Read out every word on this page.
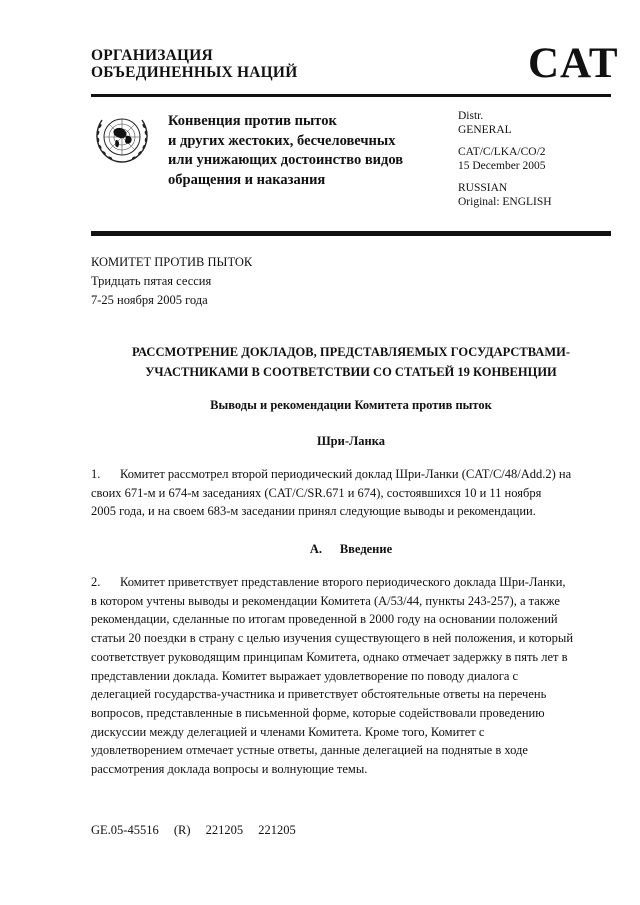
ОРГАНИЗАЦИЯ
ОБЪЕДИНЕННЫХ НАЦИЙ	CAT
Конвенция против пыток
и других жестоких, бесчеловечных
или унижающих достоинство видов
обращения и наказания
Distr.
GENERAL
CAT/C/LKA/CO/2
15 December 2005
RUSSIAN
Original: ENGLISH
КОМИТЕТ ПРОТИВ ПЫТОК
Тридцать пятая сессия
7-25 ноября 2005 года
РАССМОТРЕНИЕ ДОКЛАДОВ, ПРЕДСТАВЛЯЕМЫХ ГОСУДАРСТВАМИ-
УЧАСТНИКАМИ В СООТВЕТСТВИИ СО СТАТЬЕЙ 19 КОНВЕНЦИИ
Выводы и рекомендации Комитета против пыток
Шри-Ланка
1. Комитет рассмотрел второй периодический доклад Шри-Ланки (CAT/C/48/Add.2) на
своих 671-м и 674-м заседаниях (CAT/C/SR.671 и 674), состоявшихся 10 и 11 ноября
2005 года, и на своем 683-м заседании принял следующие выводы и рекомендации.
A. Введение
2. Комитет приветствует представление второго периодического доклада Шри-Ланки,
в котором учтены выводы и рекомендации Комитета (A/53/44, пункты 243-257), а также
рекомендации, сделанные по итогам проведенной в 2000 году на основании положений
статьи 20 поездки в страну с целью изучения существующего в ней положения, и который
соответствует руководящим принципам Комитета, однако отмечает задержку в пять лет в
представлении доклада. Комитет выражает удовлетворение по поводу диалога с
делегацией государства-участника и приветствует обстоятельные ответы на перечень
вопросов, представленные в письменной форме, которые содействовали проведению
дискуссии между делегацией и членами Комитета. Кроме того, Комитет с
удовлетворением отмечает устные ответы, данные делегацией на поднятые в ходе
рассмотрения доклада вопросы и волнующие темы.
GE.05-45516 (R) 221205 221205
